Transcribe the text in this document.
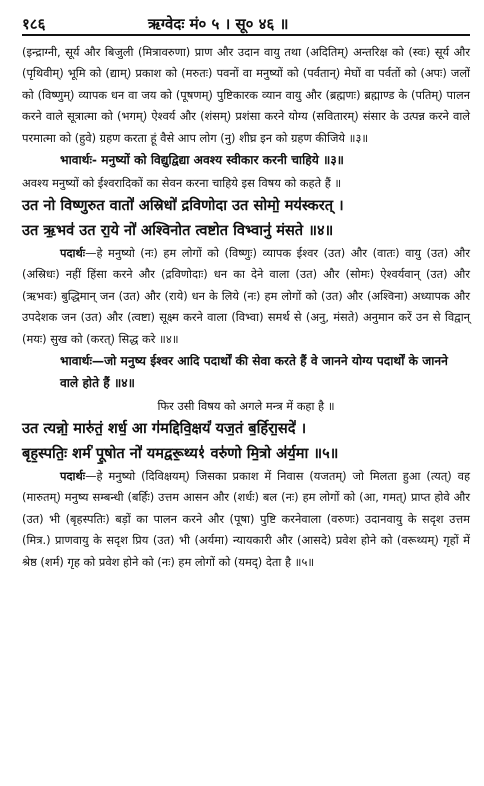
१८६	ऋग्वेदः मं० ५ । सू० ४६ ॥

(इन्द्राग्नी, सूर्य और बिजुली (मित्रावरुणा) प्राण और उदान वायु तथा (अदितिम्) अन्तरिक्ष को (स्वः) सूर्य और (पृथिवीम्) भूमि को (द्याम्) प्रकाश को (मरुतः) पवनों वा मनुष्यों को (पर्वतान्) मेघों वा पर्वतों को (अपः) जलों को (विष्णुम्) व्यापक धन वा जय को (पूषणम्) पुष्टिकारक व्यान वायु और (ब्रह्मणः) ब्रह्माण्ड के (पतिम्) पालन करने वाले सूत्रात्मा को (भगम्) ऐश्वर्य और (शंसम्) प्रशंसा करने योग्य (सवितारम्) संसार के उत्पन्न करने वाले परमात्मा को (हुवे) ग्रहण करता हूं वैसे आप लोग (नु) शीघ्र इन को ग्रहण कीजिये ॥३॥

भावार्थः- मनुष्यों को विद्युद्विद्या अवश्य स्वीकार करनी चाहिये ॥३॥

अवश्य मनुष्यों को ईश्वरादिकों का सेवन करना चाहिये इस विषय को कहते हैं ॥

उत नो विष्णुरुत वातो॑ अस्रिधो॑ द्रविणोदा उत सोमो॒ मय॑स्करत् ।

उत ऋ॒भव॑ उत रा॒ये नो॑ अश्विनोत त्वष्टोत विभ्वानु॑ मंसते ॥४॥

पदार्थः—हे मनुष्यो (नः) हम लोगों को (विष्णुः) व्यापक ईश्वर (उत) और (वातः) वायु (उत) और (अस्रिधः) नहीं हिंसा करने और (द्रविणोदाः) धन का देने वाला (उत) और (सोमः) ऐश्वर्यवान् (उत) और (ऋभवः) बुद्धिमान् जन (उत) और (राये) धन के लिये (नः) हम लोगों को (उत) और (अश्विना) अध्यापक और उपदेशक जन (उत) और (त्वष्टा) सूक्ष्म करने वाला (विभ्वा) समर्थ से (अनु, मंसते) अनुमान करें उन से विद्वान् (मयः) सुख को (करत्) सिद्ध करे ॥४॥

भावार्थः—जो मनुष्य ईश्वर आदि पदार्थों की सेवा करते हैं वे जानने योग्य पदार्थों के जानने वाले होते हैं ॥४॥

फिर उसी विषय को अगले मन्त्र में कहा है ॥

उत त्यन्नो॒ मारु॑तं॒ शर्ध॒ आ ग॑मद्दिवि॒क्षयं॑ यज॒तं ब॒र्हिरा॒सदे॑ ।

बृह॒स्पतिः॒ शर्म॑ पू॒षोत नो॑ यमद्वरू॒थ्य१॑ वरु॑णो मि॒त्रो अ॑र्य॒मा ॥५॥

पदार्थः—हे मनुष्यो (दिविक्षयम्) जिसका प्रकाश में निवास (यजतम्) जो मिलता हुआ (त्यत्) वह (मारुतम्) मनुष्य सम्बन्धी (बर्हिः) उत्तम आसन और (शर्धः) बल (नः) हम लोगों को (आ, गमत्) प्राप्त होवे और (उत) भी (बृहस्पतिः) बड़ों का पालन करने और (पूषा) पुष्टि करनेवाला (वरुणः) उदानवायु के सदृश उत्तम (मित्र.) प्राणवायु के सदृश प्रिय (उत) भी (अर्यमा) न्यायकारी और (आसदे) प्रवेश होने को (वरूथ्यम्) गृहों में श्रेष्ठ (शर्म) गृह को प्रवेश होने को (नः) हम लोगों को (यमद्) देता है ॥५॥
